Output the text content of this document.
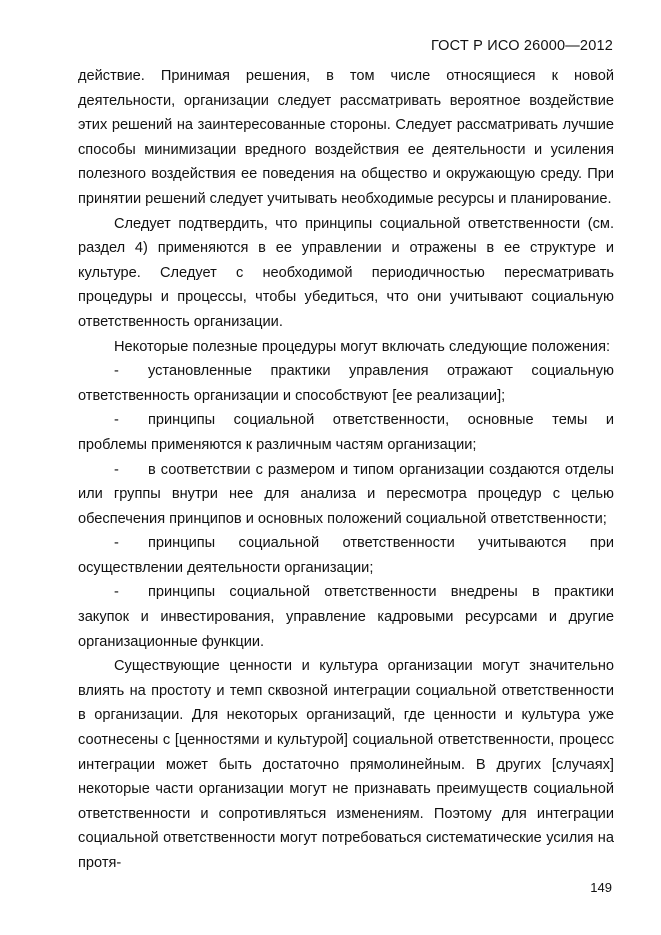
ГОСТ Р ИСО 26000—2012

действие. Принимая решения, в том числе относящиеся к новой деятельности, организации следует рассматривать вероятное воздействие этих решений на заинтересованные стороны. Следует рассматривать лучшие способы минимизации вредного воздействия ее деятельности и усиления полезного воздействия ее поведения на общество и окружающую среду. При принятии решений следует учитывать необходимые ресурсы и планирование.

Следует подтвердить, что принципы социальной ответственности (см. раздел 4) применяются в ее управлении и отражены в ее структуре и культуре. Следует с необходимой периодичностью пересматривать процедуры и процессы, чтобы убедиться, что они учитывают социальную ответственность организации.

Некоторые полезные процедуры могут включать следующие положения:

- установленные практики управления отражают социальную ответственность организации и способствуют [ее реализации];

- принципы социальной ответственности, основные темы и проблемы применяются к различным частям организации;

- в соответствии с размером и типом организации создаются отделы или группы внутри нее для анализа и пересмотра процедур с целью обеспечения принципов и основных положений социальной ответственности;

- принципы социальной ответственности учитываются при осуществлении деятельности организации;

- принципы социальной ответственности внедрены в практики закупок и инвестирования, управление кадровыми ресурсами и другие организационные функции.

Существующие ценности и культура организации могут значительно влиять на простоту и темп сквозной интеграции социальной ответственности в организации. Для некоторых организаций, где ценности и культура уже соотнесены с [ценностями и культурой] социальной ответственности, процесс интеграции может быть достаточно прямолинейным. В других [случаях] некоторые части организации могут не признавать преимуществ социальной ответственности и сопротивляться изменениям. Поэтому для интеграции социальной ответственности могут потребоваться систематические усилия на протя-

149
